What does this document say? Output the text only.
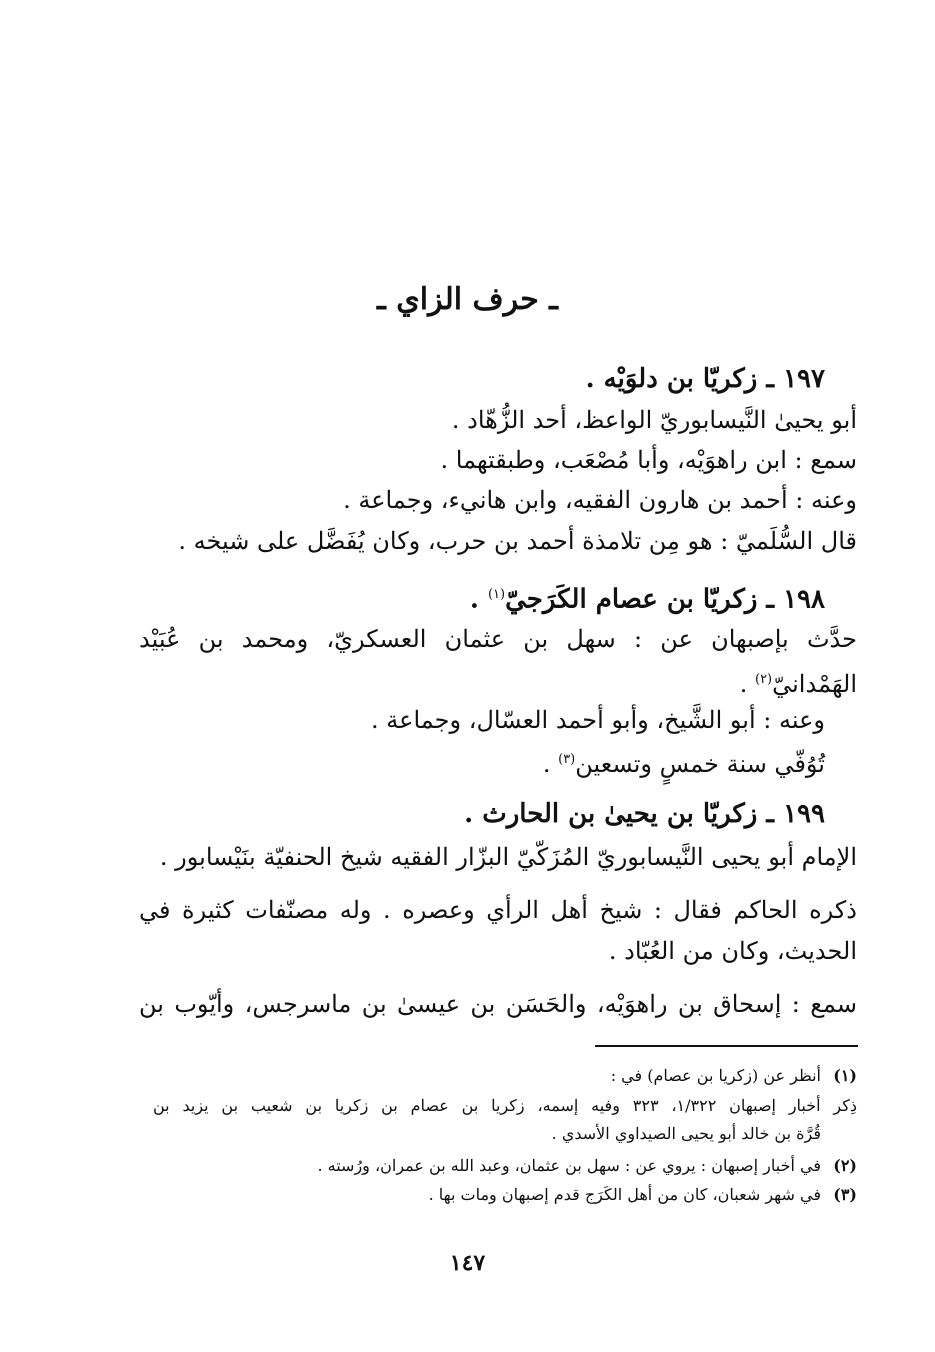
ـ حرف الزاي ـ
١٩٧ ـ زكريّا بن دلوَيْه .
أبو يحيىٰ النَّيسابوريّ الواعظ، أحد الزُّهّاد .
سمع : ابن راهوَيْه، وأبا مُصْعَب، وطبقتهما .
وعنه : أحمد بن هارون الفقيه، وابن هانيء، وجماعة .
قال السُّلَميّ : هو مِن تلامذة أحمد بن حرب، وكان يُفَضَّل على شيخه .
١٩٨ ـ زكريّا بن عصام الكَرَجيّ$^{(١)}$ .
حدَّث بإصبهان عن : سهل بن عثمان العسكريّ، ومحمد بن عُبَيْد
الهَمْدانيّ$^{(٢)}$ .
وعنه : أبو الشَّيخ، وأبو أحمد العسّال، وجماعة .
تُوُفّي سنة خمسٍ وتسعين$^{(٣)}$ .
١٩٩ ـ زكريّا بن يحيىٰ بن الحارث .
الإمام أبو يحيى النَّيسابوريّ المُزَكّيّ البزّار الفقيه شيخ الحنفيّة بنَيْسابور .
ذكره الحاكم فقال : شيخ أهل الرأي وعصره . وله مصنّفات كثيرة في
الحديث، وكان من العُبّاد .
سمع : إسحاق بن راهوَيْه، والحَسَن بن عيسىٰ بن ماسرجس، وأيّوب بن
(١)أنظر عن (زكريا بن عصام) في :
ذِكر أخبار إصبهان ١/٣٢٢، ٣٢٣ وفيه إسمه، زكريا بن عصام بن زكريا بن شعيب بن يزيد بن
قُرَّة بن خالد أبو يحيى الصيداوي الأسدي .
(٢)في أخبار إصبهان : يروي عن : سهل بن عثمان، وعبد الله بن عمران، ورُسته .
(٣)في شهر شعبان، كان من أهل الكَرَج قدم إصبهان ومات بها .
١٤٧
